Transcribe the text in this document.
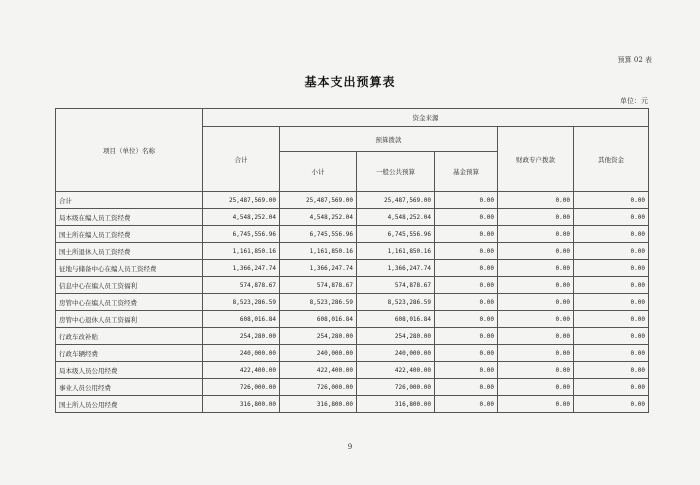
预算 02 表
基本支出预算表
单位：元
项目（单位）名称	资金来源					
	合计	预算拨款			财政专户拨款	其他资金
		小计	一般公共预算	基金预算		
合计	25,487,569.00	25,487,569.00	25,487,569.00	0.00	0.00	0.00
局本级在编人员工资经费	4,548,252.04	4,548,252.04	4,548,252.04	0.00	0.00	0.00
国土所在编人员工资经费	6,745,556.96	6,745,556.96	6,745,556.96	0.00	0.00	0.00
国土所退休人员工资经费	1,161,850.16	1,161,850.16	1,161,850.16	0.00	0.00	0.00
征地与储备中心在编人员工资经费	1,366,247.74	1,366,247.74	1,366,247.74	0.00	0.00	0.00
信息中心在编人员工资福利	574,878.67	574,878.67	574,878.67	0.00	0.00	0.00
房管中心在编人员工资经费	8,523,286.59	8,523,286.59	8,523,286.59	0.00	0.00	0.00
房管中心退休人员工资福利	608,016.84	608,016.84	608,016.84	0.00	0.00	0.00
行政车改补贴	254,280.00	254,280.00	254,280.00	0.00	0.00	0.00
行政车辆经费	240,000.00	240,000.00	240,000.00	0.00	0.00	0.00
局本级人员公用经费	422,400.00	422,400.00	422,400.00	0.00	0.00	0.00
事业人员公用经费	726,000.00	726,000.00	726,000.00	0.00	0.00	0.00
国土所人员公用经费	316,800.00	316,800.00	316,800.00	0.00	0.00	0.00
9
